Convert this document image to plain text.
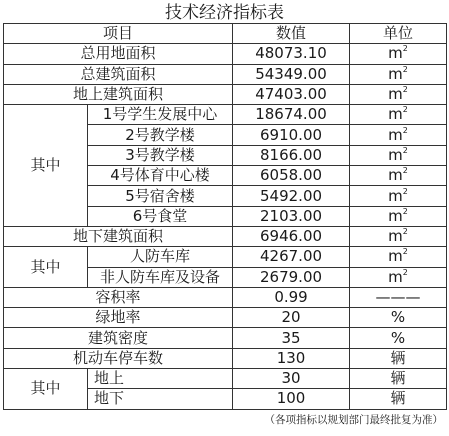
技术经济指标表
项目		数值	单位
总用地面积		48073.10	$m^2$
总建筑面积		54349.00	$m^2$
地上建筑面积		47403.00	$m^2$
其中	1号学生发展中心	18674.00	$m^2$
	2号教学楼	6910.00	$m^2$
	3号教学楼	8166.00	$m^2$
	4号体育中心楼	6058.00	$m^2$
	5号宿舍楼	5492.00	$m^2$
	6号食堂	2103.00	$m^2$
地下建筑面积		6946.00	$m^2$
其中	人防车库	4267.00	$m^2$
	非人防车库及设备	2679.00	$m^2$
容积率		0.99	———
绿地率		20	%
建筑密度		35	%
机动车停车数		130	辆
其中	地上	30	辆
	地下	100	辆
（各项指标以规划部门最终批复为准）
